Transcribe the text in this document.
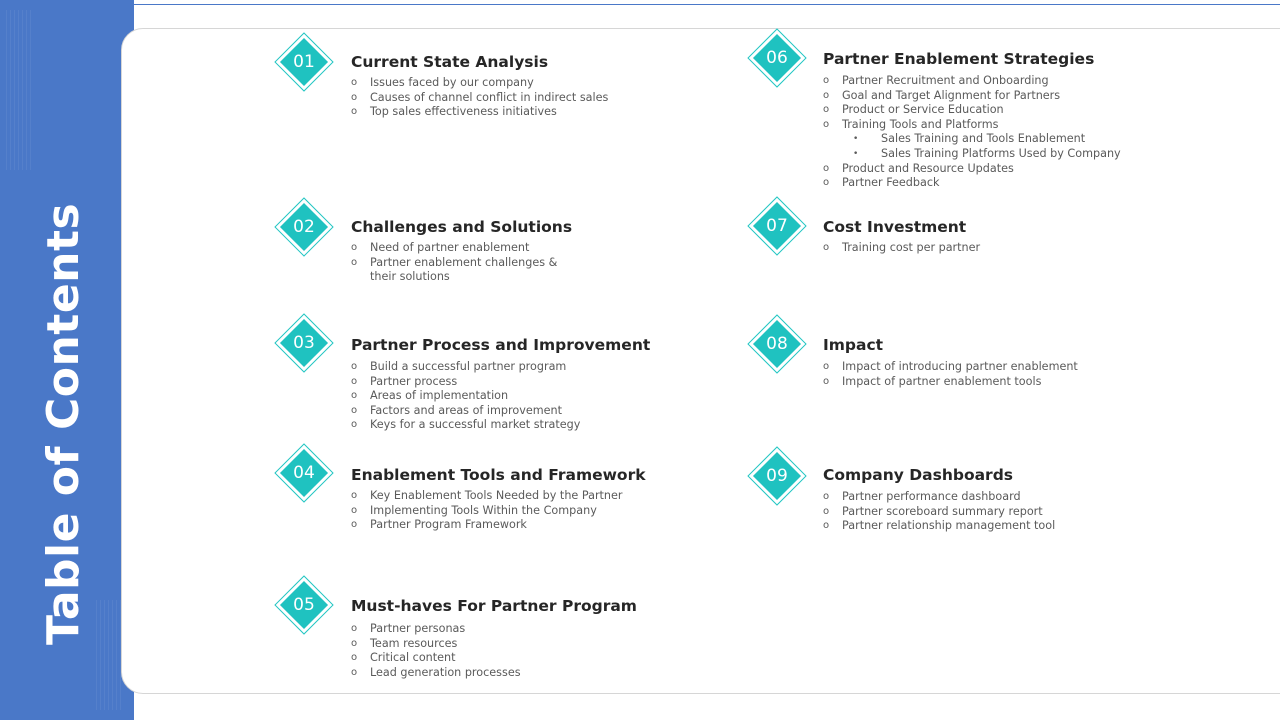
Table of Contents
01	Current State Analysis
o Issues faced by our company
o Causes of channel conflict in indirect sales
o Top sales effectiveness initiatives
02	Challenges and Solutions
o Need of partner enablement
o Partner enablement challenges &
their solutions
03	Partner Process and Improvement
o Build a successful partner program
o Partner process
o Areas of implementation
o Factors and areas of improvement
o Keys for a successful market strategy
04	Enablement Tools and Framework
o Key Enablement Tools Needed by the Partner
o Implementing Tools Within the Company
o Partner Program Framework
05	Must-haves For Partner Program
o Partner personas
o Team resources
o Critical content
o Lead generation processes
06	Partner Enablement Strategies
o Partner Recruitment and Onboarding
o Goal and Target Alignment for Partners
o Product or Service Education
o Training Tools and Platforms
• Sales Training and Tools Enablement
• Sales Training Platforms Used by Company
o Product and Resource Updates
o Partner Feedback
07	Cost Investment
o Training cost per partner
08	Impact
o Impact of introducing partner enablement
o Impact of partner enablement tools
09	Company Dashboards
o Partner performance dashboard
o Partner scoreboard summary report
o Partner relationship management tool
